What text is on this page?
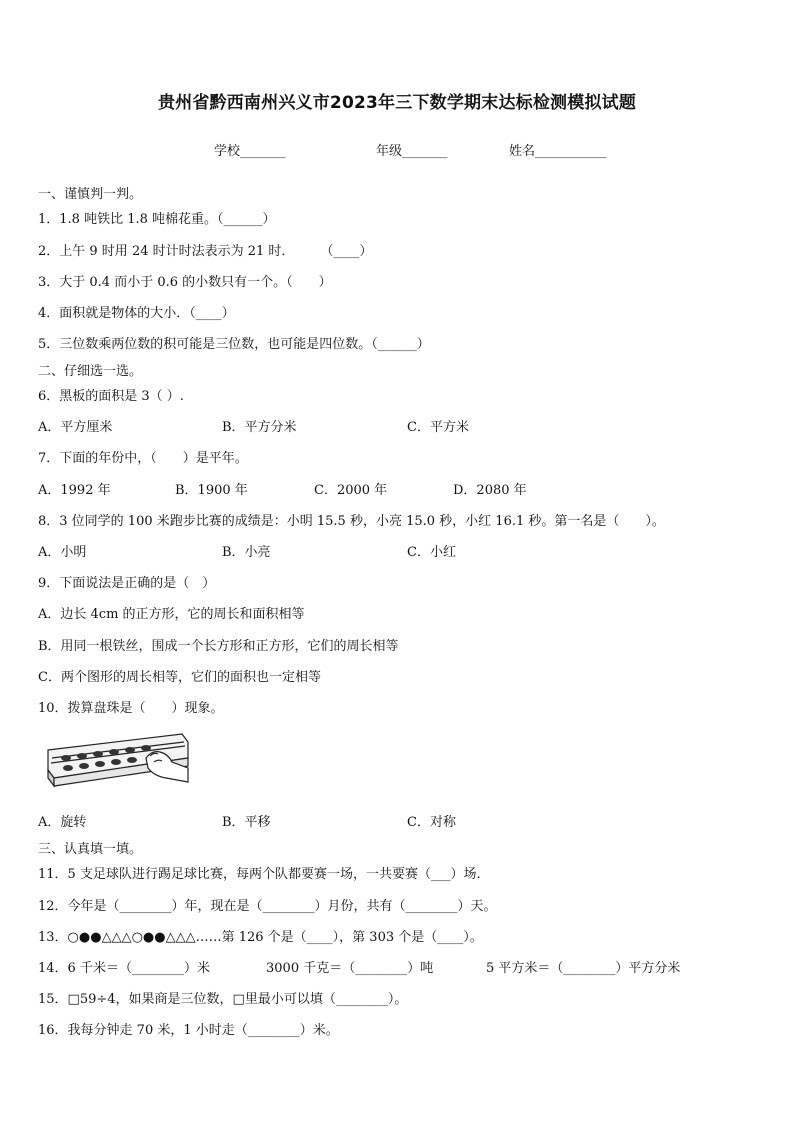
贵州省黔西南州兴义市2023年三下数学期末达标检测模拟试题
学校_______	年级_______	姓名___________
一、谨慎判一判。
1．1.8 吨铁比 1.8 吨棉花重。（______）
2．上午 9 时用 24 时计时法表示为 21 时．　　　（____）
3．大于 0.4 而小于 0.6 的小数只有一个。（　　）
4．面积就是物体的大小．（____）
5．三位数乘两位数的积可能是三位数，也可能是四位数。（______）
二、仔细选一选。
6．黑板的面积是 3（ ）.
A．平方厘米	B．平方分米	C．平方米
7．下面的年份中，（　　）是平年。
A．1992 年	B．1900 年	C．2000 年	D．2080 年
8．3 位同学的 100 米跑步比赛的成绩是：小明 15.5 秒，小亮 15.0 秒，小红 16.1 秒。第一名是（　　）。
A．小明	B．小亮	C．小红
9．下面说法是正确的是（　）
A．边长 4cm 的正方形，它的周长和面积相等
B．用同一根铁丝，围成一个长方形和正方形，它们的周长相等
C．两个图形的周长相等，它们的面积也一定相等
10．拨算盘珠是（　　）现象。
A．旋转	B．平移	C．对称
三、认真填一填。
11．5 支足球队进行踢足球比赛，每两个队都要赛一场，一共要赛（___）场.
12．今年是（________）年，现在是（________）月份，共有（________）天。
13．○●●△△△○●●△△△……第 126 个是（____），第 303 个是（____）。
14．6 千米＝（________）米	3000 千克＝（________）吨	5 平方米＝（________）平方分米
15．□59÷4，如果商是三位数，□里最小可以填（________）。
16．我每分钟走 70 米，1 小时走（________）米。
